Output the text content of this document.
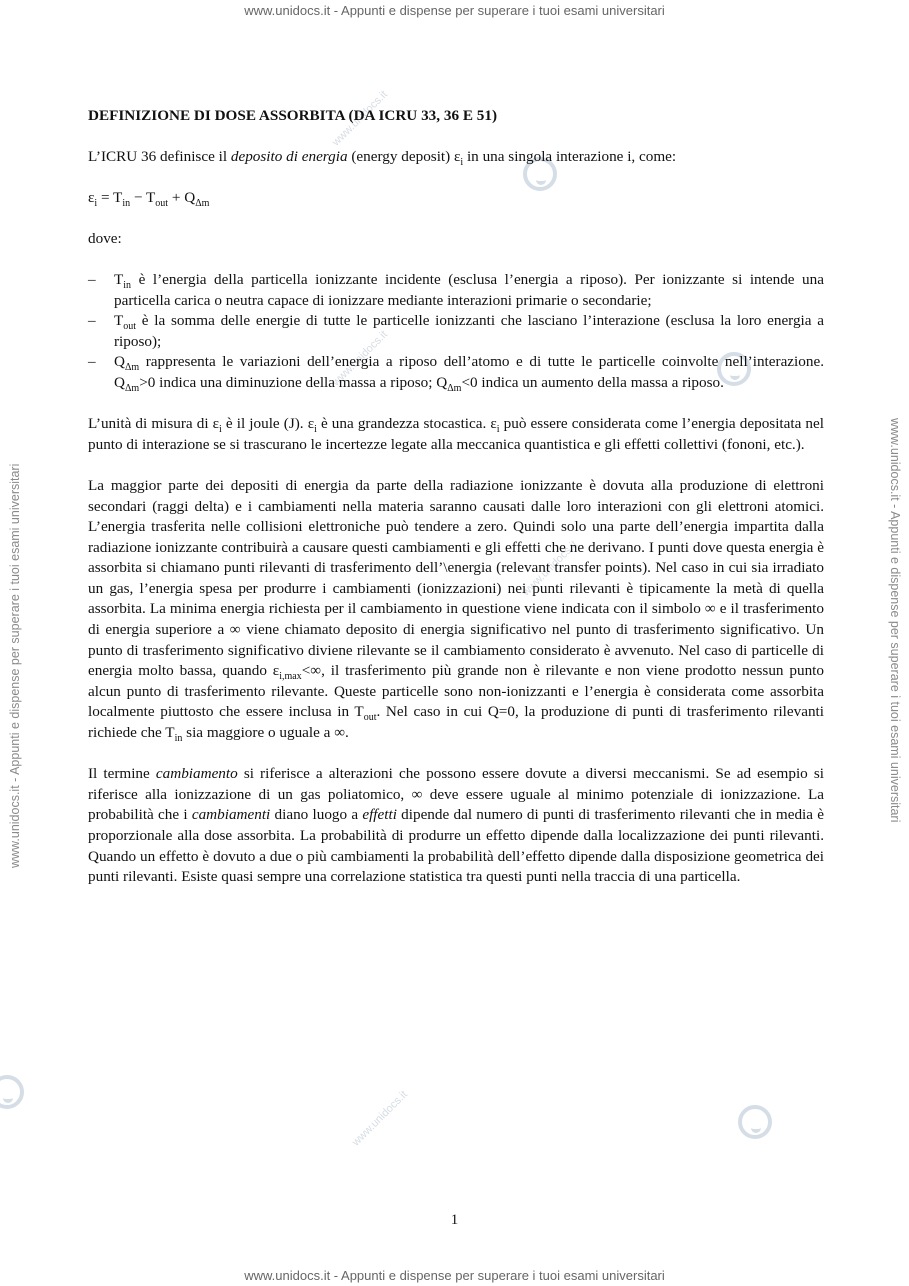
www.unidocs.it - Appunti e dispense per superare i tuoi esami universitari
www.unidocs.it - Appunti e dispense per superare i tuoi esami universitari	www.unidocs.it - Appunti e dispense per superare i tuoi esami universitari
www.unidocs.it
www.unidocs.it
www.unidocs.it
www.unidocs.it
DEFINIZIONE DI DOSE ASSORBITA (DA ICRU 33, 36 E 51)

L’ICRU 36 definisce il deposito di energia (energy deposit) $\varepsilon_i$ in una singola interazione i, come:

$\varepsilon_i = T_{in} - T_{out} + Q_{\Delta m}$

dove:

– $T_{in}$ è l’energia della particella ionizzante incidente (esclusa l’energia a riposo). Per ionizzante si intende una particella carica o neutra capace di ionizzare mediante interazioni primarie o secondarie;
– $T_{out}$ è la somma delle energie di tutte le particelle ionizzanti che lasciano l’interazione (esclusa la loro energia a riposo);
– $Q_{\Delta m}$ rappresenta le variazioni dell’energia a riposo dell’atomo e di tutte le particelle coinvolte nell’interazione. $Q_{\Delta m}>0$ indica una diminuzione della massa a riposo; $Q_{\Delta m}<0$ indica un aumento della massa a riposo.

L’unità di misura di $\varepsilon_i$ è il joule (J). $\varepsilon_i$ è una grandezza stocastica. $\varepsilon_i$ può essere considerata come l’energia depositata nel punto di interazione se si trascurano le incertezze legate alla meccanica quantistica e gli effetti collettivi (fononi, etc.).

La maggior parte dei depositi di energia da parte della radiazione ionizzante è dovuta alla produzione di elettroni secondari (raggi delta) e i cambiamenti nella materia saranno causati dalle loro interazioni con gli elettroni atomici. L’energia trasferita nelle collisioni elettroniche può tendere a zero. Quindi solo una parte dell’energia impartita dalla radiazione ionizzante contribuirà a causare questi cambiamenti e gli effetti che ne derivano. I punti dove questa energia è assorbita si chiamano punti rilevanti di trasferimento dell’\energia (relevant transfer points). Nel caso in cui sia irradiato un gas, l’energia spesa per produrre i cambiamenti (ionizzazioni) nei punti rilevanti è tipicamente la metà di quella assorbita. La minima energia richiesta per il cambiamento in questione viene indicata con il simbolo ∞ e il trasferimento di energia superiore a ∞ viene chiamato deposito di energia significativo nel punto di trasferimento significativo. Un punto di trasferimento significativo diviene rilevante se il cambiamento considerato è avvenuto. Nel caso di particelle di energia molto bassa, quando $\varepsilon_{i,max}<\infty$, il trasferimento più grande non è rilevante e non viene prodotto nessun punto alcun punto di trasferimento rilevante. Queste particelle sono non-ionizzanti e l’energia è considerata come assorbita localmente piuttosto che essere inclusa in $T_{out}$. Nel caso in cui Q=0, la produzione di punti di trasferimento rilevanti richiede che $T_{in}$ sia maggiore o uguale a ∞.

Il termine cambiamento si riferisce a alterazioni che possono essere dovute a diversi meccanismi. Se ad esempio si riferisce alla ionizzazione di un gas poliatomico, ∞ deve essere uguale al minimo potenziale di ionizzazione. La probabilità che i cambiamenti diano luogo a effetti dipende dal numero di punti di trasferimento rilevanti che in media è proporzionale alla dose assorbita. La probabilità di produrre un effetto dipende dalla localizzazione dei punti rilevanti. Quando un effetto è dovuto a due o più cambiamenti la probabilità dell’effetto dipende dalla disposizione geometrica dei punti rilevanti. Esiste quasi sempre una correlazione statistica tra questi punti nella traccia di una particella.

1
www.unidocs.it - Appunti e dispense per superare i tuoi esami universitari
